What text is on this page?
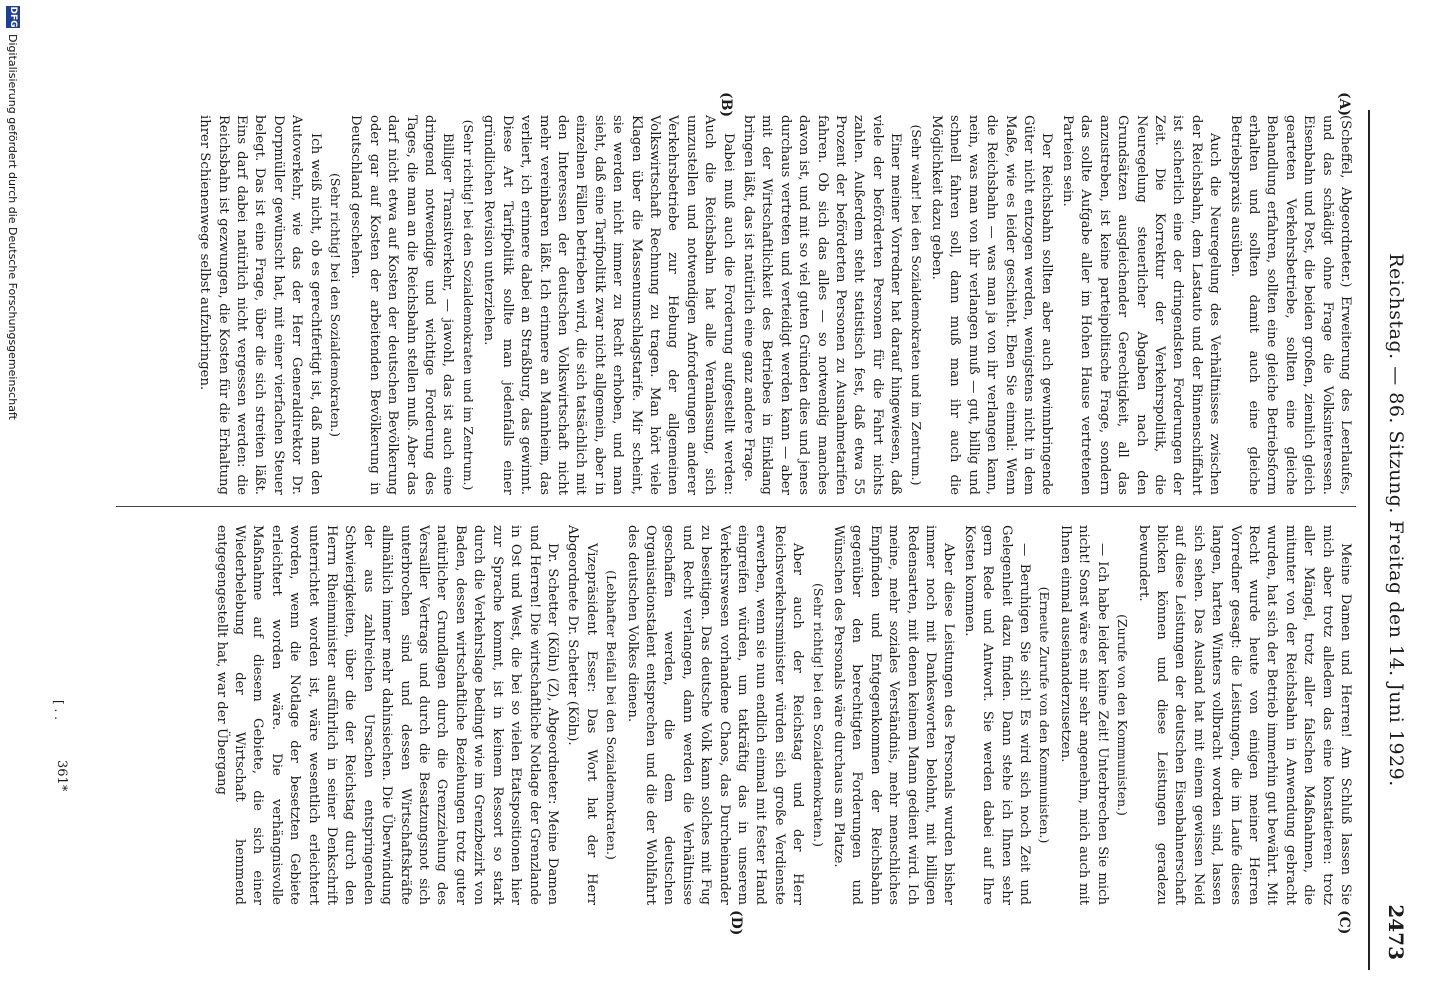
Reichstag. — 86. Sitzung. Freitag den 14. Juni 1929.
2473
(A)
(B)
(C)
(D)

(Scheffel, Abgeordneter.) Erweiterung des Leerlaufes, und das schädigt ohne Frage die Volksinteressen. Eisenbahn und Post, die beiden großen, ziemlich gleich gearteten Verkehrsbetriebe, sollten eine gleiche Behandlung erfahren, sollten eine gleiche Betriebsform erhalten und sollten damit auch eine gleiche Betriebspraxis ausüben.

Auch die Neuregelung des Verhältnisses zwischen der Reichsbahn, dem Lastauto und der Binnenschiffahrt ist sicherlich eine der dringendsten Forderungen der Zeit. Die Korrektur der Verkehrspolitik, die Neuregelung steuerlicher Abgaben nach den Grundsätzen ausgleichender Gerechtigkeit, all das anzustreben, ist keine parteipolitische Frage, sondern das sollte Aufgabe aller im Hohen Hause vertretenen Parteien sein.

Der Reichsbahn sollten aber auch gewinnbringende Güter nicht entzogen werden, wenigstens nicht in dem Maße, wie es leider geschieht. Eben Sie einmal: Wenn die Reichsbahn — was man ja von ihr verlangen kann, nein, was man von ihr verlangen muß — gut, billig und schnell fahren soll, dann muß man ihr auch die Möglichkeit dazu geben.

(Sehr wahr! bei den Sozialdemokraten und im Zentrum.)

Einer meiner Vorredner hat darauf hingewiesen, daß viele der beförderten Personen für die Fahrt nichts zahlen. Außerdem steht statistisch fest, daß etwa 55 Prozent der beförderten Personen zu Ausnahmetarifen fahren. Ob sich das alles — so notwendig manches davon ist, und mit so viel guten Gründen dies und jenes durchaus vertreten und verteidigt werden kann — aber mit der Wirtschaftlichkeit des Betriebes in Einklang bringen läßt, das ist natürlich eine ganz andere Frage.

Dabei muß auch die Forderung aufgestellt werden: Auch die Reichsbahn hat alle Veranlassung, sich umzustellen und notwendigen Anforderungen anderer Verkehrsbetriebe zur Hebung der allgemeinen Volkswirtschaft Rechnung zu tragen. Man hört viele Klagen über die Massenumschlagstarife. Mir scheint, sie werden nicht immer zu Recht erhoben, und man sieht, daß eine Tarifpolitik zwar nicht allgemein, aber in einzelnen Fällen betrieben wird, die sich tatsächlich mit den Interessen der deutschen Volkswirtschaft nicht mehr vereinbaren läßt. Ich erinnere an Mannheim, das verliert, ich erinnere dabei an Straßburg, das gewinnt. Diese Art Tarifpolitik sollte man jedenfalls einer gründlichen Revision unterziehen.

(Sehr richtig! bei den Sozialdemokraten und im Zentrum.)

Billiger Transitverkehr, — jawohl, das ist auch eine dringend notwendige und wichtige Forderung des Tages, die man an die Reichsbahn stellen muß. Aber das darf nicht etwa auf Kosten der deutschen Bevölkerung oder gar auf Kosten der arbeitenden Bevölkerung in Deutschland geschehen.

(Sehr richtig! bei den Sozialdemokraten.)

Ich weiß nicht, ob es gerechtfertigt ist, daß man den Autoverkehr, wie das der Herr Generaldirektor Dr. Dorpmüller gewünscht hat, mit einer vierfachen Steuer belegt. Das ist eine Frage, über die sich streiten läßt. Eins darf dabei natürlich nicht vergessen werden: die Reichsbahn ist gezwungen, die Kosten für die Erhaltung ihrer Schienenwege selbst aufzubringen.

Meine Damen und Herren! Am Schluß lassen Sie mich aber trotz alledem das eine konstatieren: trotz aller Mängel, trotz aller falschen Maßnahmen, die mitunter von der Reichsbahn in Anwendung gebracht wurden, hat sich der Betrieb immerhin gut bewährt. Mit Recht wurde heute von einigen meiner Herren Vorredner gesagt: die Leistungen, die im Laufe dieses langen, harten Winters vollbracht worden sind, lassen sich sehen. Das Ausland hat mit einem gewissen Neid auf diese Leistungen der deutschen Eisenbahnerschaft blicken können und diese Leistungen geradezu bewundert.

(Zurufe von den Kommunisten.)

— Ich habe leider keine Zeit! Unterbrechen Sie mich nicht! Sonst wäre es mir sehr angenehm, mich auch mit Ihnen einmal auseinanderzusetzen.

(Erneute Zurufe von den Kommunisten.)

— Beruhigen Sie sich! Es wird sich noch Zeit und Gelegenheit dazu finden. Dann stehe ich Ihnen sehr gern Rede und Antwort. Sie werden dabei auf Ihre Kosten kommen.

Aber diese Leistungen des Personals wurden bisher immer noch mit Dankesworten belohnt, mit billigen Redensarten, mit denen keinem Mann gedient wird. Ich meine, mehr soziales Verständnis, mehr menschliches Empfinden und Entgegenkommen der Reichsbahn gegenüber den berechtigten Forderungen und Wünschen des Personals wäre durchaus am Platze.

(Sehr richtig! bei den Sozialdemokraten.)

Aber auch der Reichstag und der Herr Reichsverkehrsminister würden sich große Verdienste erwerben, wenn sie nun endlich einmal mit fester Hand eingreifen würden, um tatkräftig das in unserem Verkehrswesen vorhandene Chaos, das Durcheinander zu beseitigen. Das deutsche Volk kann solches mit Fug und Recht verlangen, dann werden die Verhältnisse geschaffen werden, die dem deutschen Organisationstalent entsprechen und die der Wohlfahrt des deutschen Volkes dienen.

(Lebhafter Beifall bei den Sozialdemokraten.)

Vizepräsident Esser: Das Wort hat der Herr Abgeordnete Dr. Schetter (Köln).

Dr. Schetter (Köln) (Z), Abgeordneter: Meine Damen und Herren! Die wirtschaftliche Notlage der Grenzlande in Ost und West, die bei so vielen Etatspositionen hier zur Sprache kommt, ist in keinem Ressort so stark durch die Verkehrslage bedingt wie im Grenzbezirk von Baden, dessen wirtschaftliche Beziehungen trotz guter natürlicher Grundlagen durch die Grenzziehung des Versailler Vertrags und durch die Besatzungsnot sich unterbrochen sind und dessen Wirtschaftskräfte allmählich immer mehr dahinsiechen. Die Überwindung der aus zahlreichen Ursachen entspringenden Schwierigkeiten, über die der Reichstag durch den Herrn Rheinminister ausführlich in seiner Denkschrift unterrichtet worden ist, wäre wesentlich erleichtert worden, wenn die Notlage der besetzten Gebiete erleichtert worden wäre. Die verhängnisvolle Maßnahme auf diesem Gebiete, die sich einer Wiederbelebung der Wirtschaft hemmend entgegengestellt hat, war der Übergang

[ . .
361*
DFG
Digitalisierung gefördert durch die Deutsche Forschungsgemeinschaft
